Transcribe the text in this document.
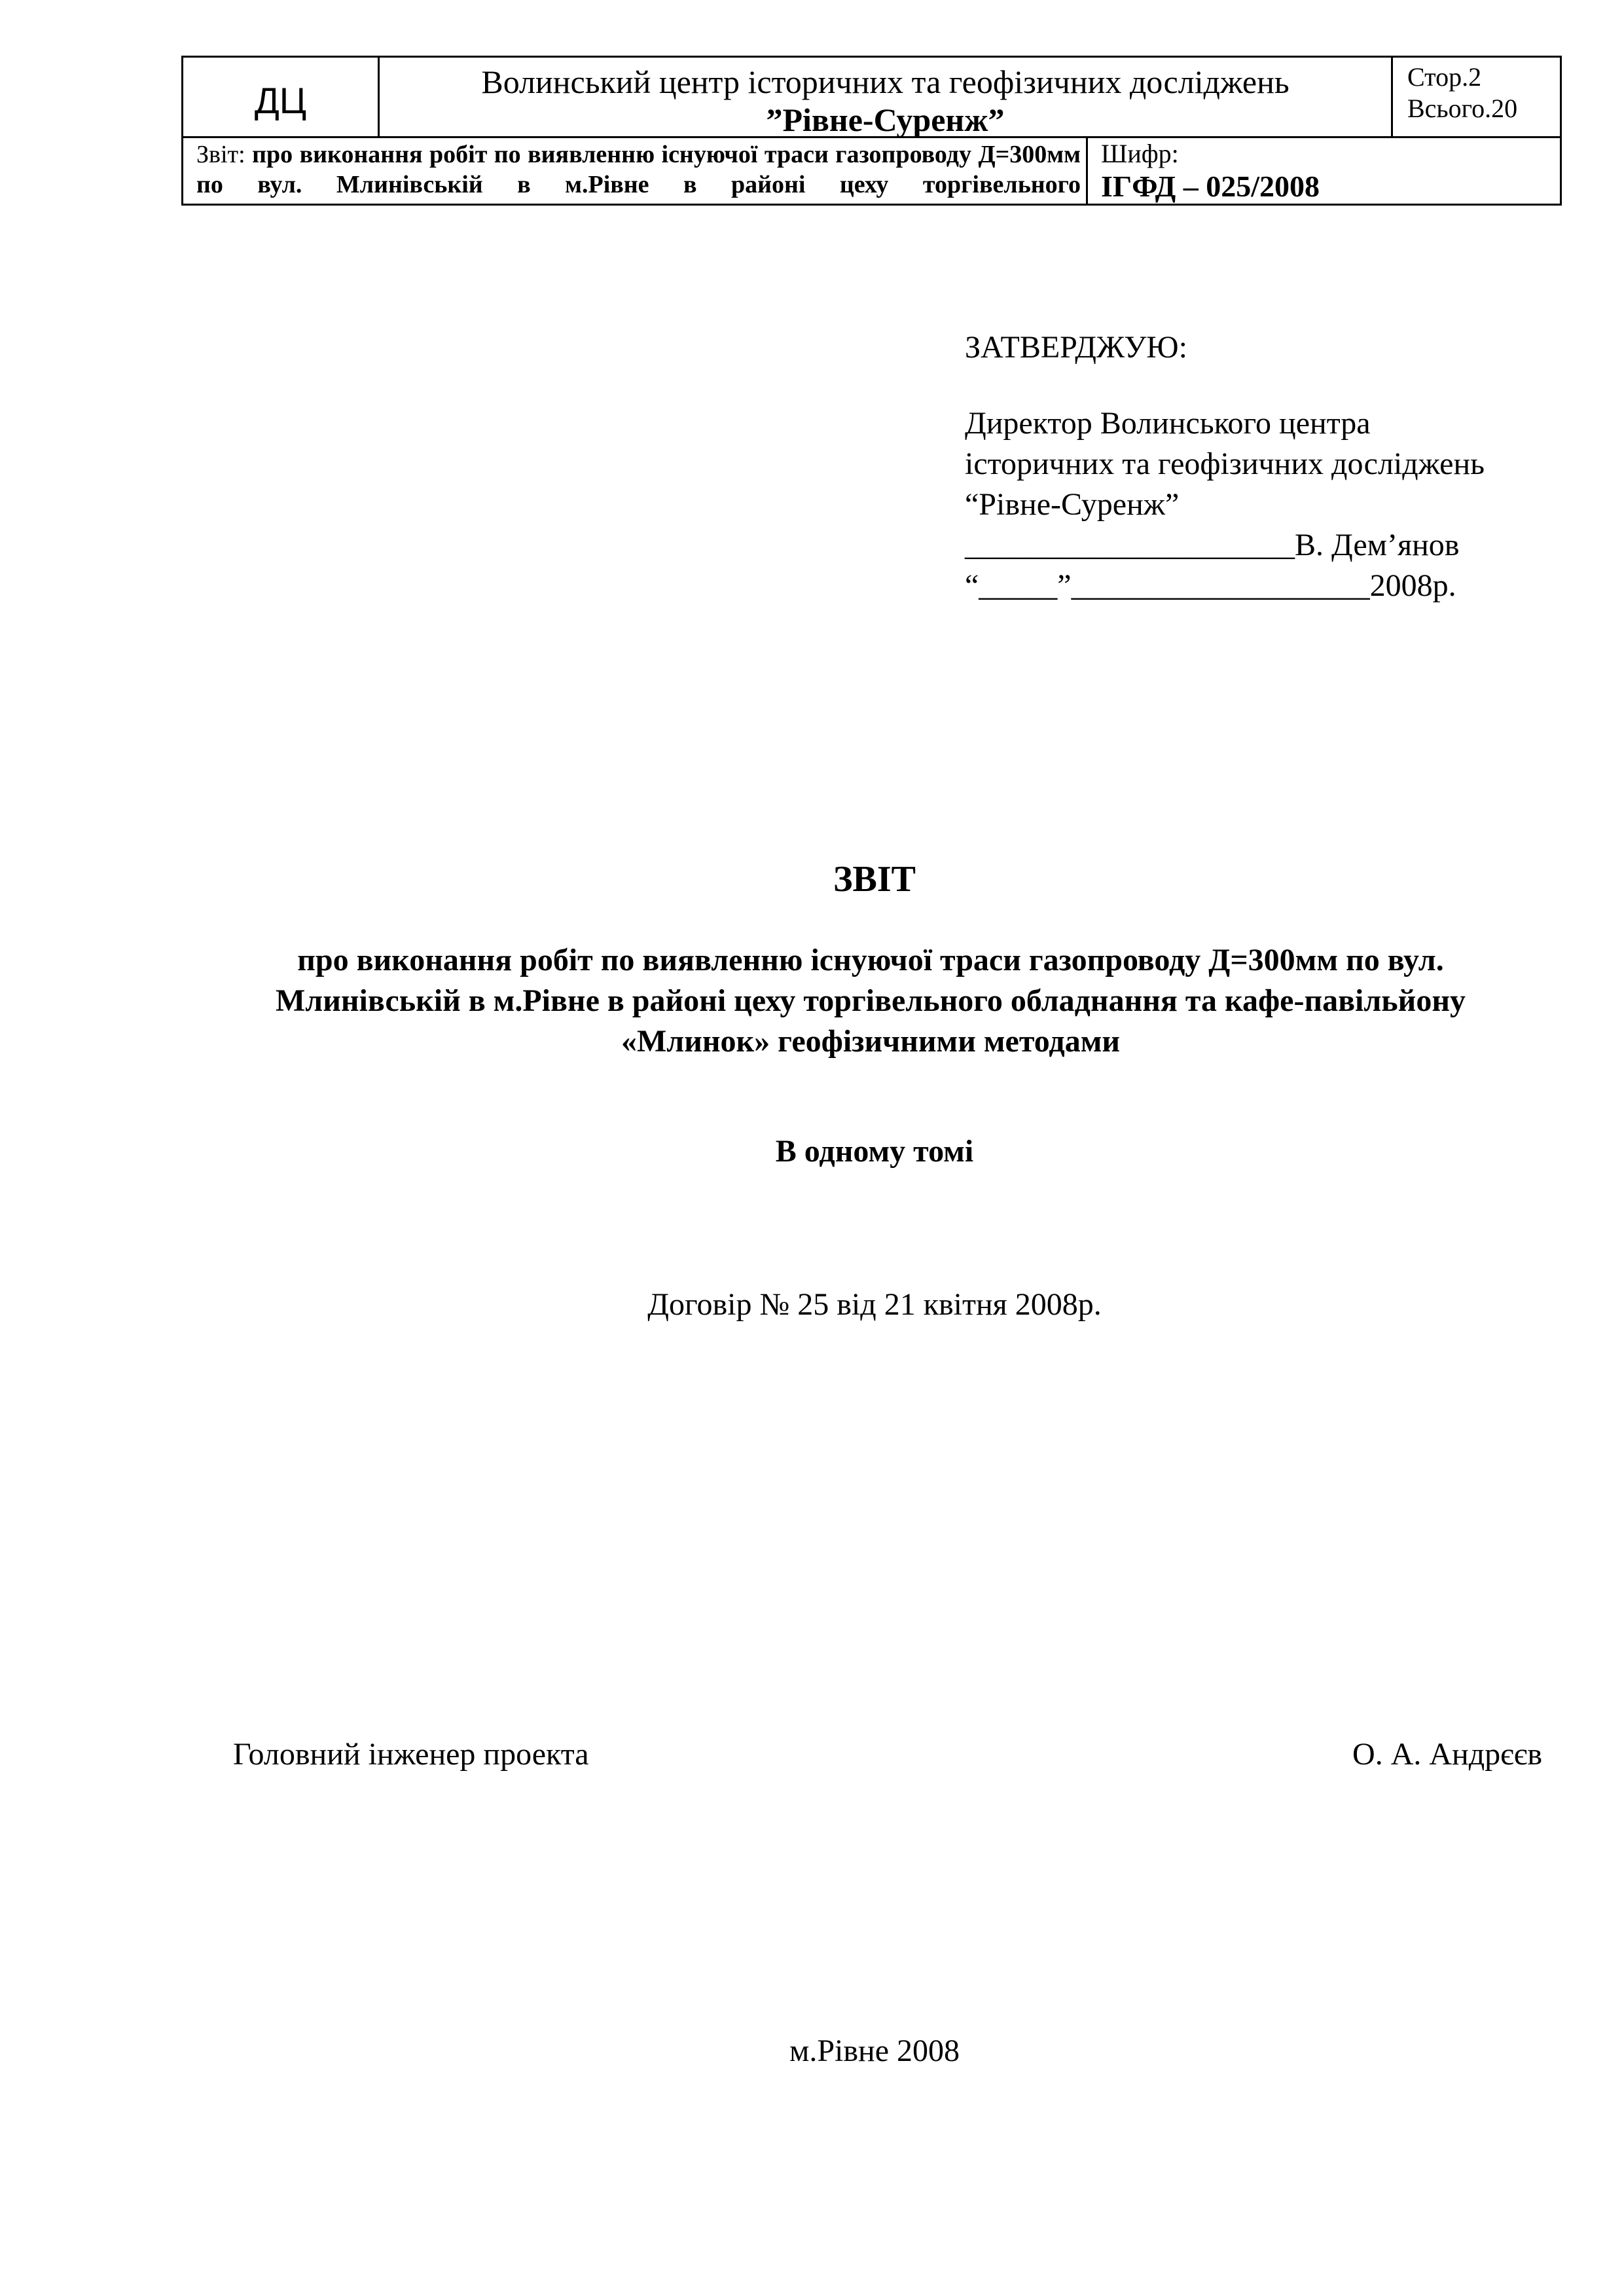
ДЦ	Волинський центр історичних та геофізичних досліджень
”Рівне-Суренж”
Стор.2
Всього.20
Звіт: про виконання робіт по виявленню існуючої траси газопроводу Д=300мм по вул. Млинівській в м.Рівне в районі цеху торгівельного
Шифр:
ІГФД – 025/2008
ЗАТВЕРДЖУЮ:
Директор Волинського центра
історичних та геофізичних досліджень
“Рівне-Суренж”
_____________________В. Дем’янов
“_____”___________________2008р.
ЗВІТ
про виконання робіт по виявленню існуючої траси газопроводу Д=300мм по вул.
Млинівській в м.Рівне в районі цеху торгівельного обладнання та кафе-павільйону
«Млинок» геофізичними методами
В одному томі
Договір № 25 від 21 квітня 2008р.
Головний інженер проекта	О. А. Андрєєв
м.Рівне 2008
